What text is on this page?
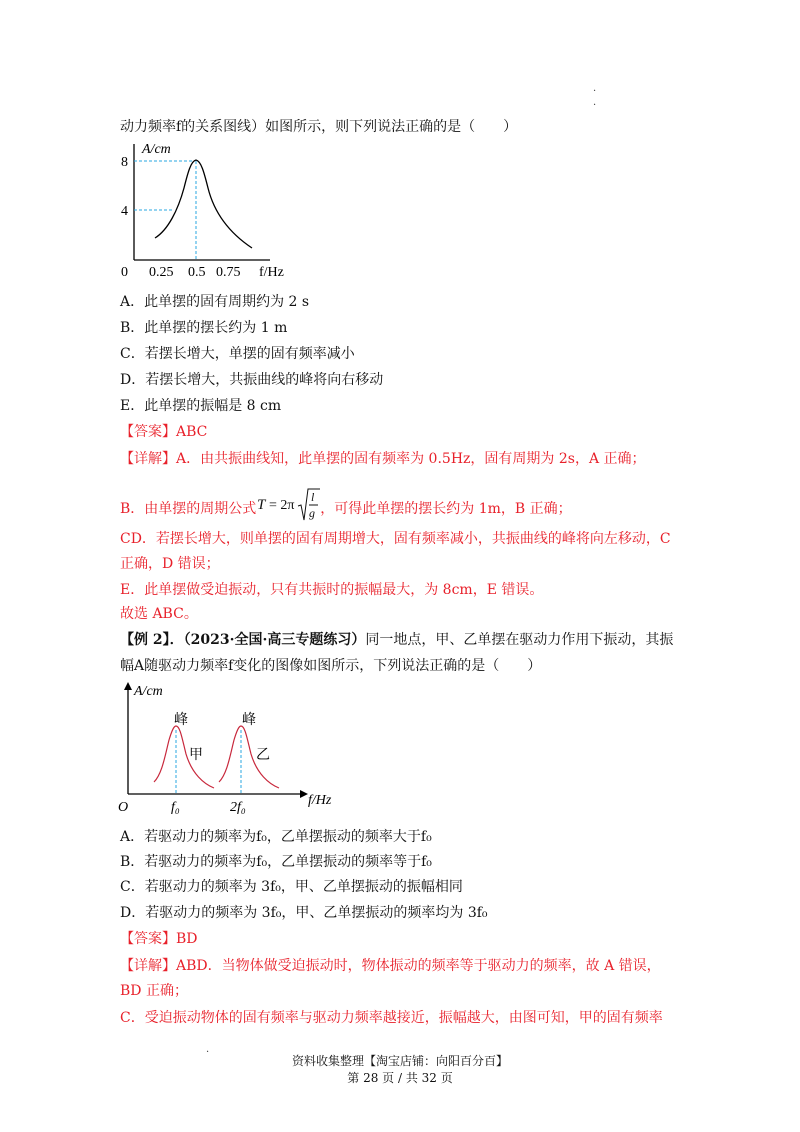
·
·
动力频率f的关系图线）如图所示，则下列说法正确的是（　　）
A/cm
8
4
0 0.25 0.5 0.75 f/Hz
A．此单摆的固有周期约为 2 s
B．此单摆的摆长约为 1 m
C．若摆长增大，单摆的固有频率减小
D．若摆长增大，共振曲线的峰将向右移动
E．此单摆的振幅是 8 cm
【答案】ABC
【详解】A．由共振曲线知，此单摆的固有频率为 0.5Hz，固有周期为 2s，A 正确；
B．由单摆的周期公式 T = 2π
l
g ，可得此单摆的摆长约为 1m，B 正确；
CD．若摆长增大，则单摆的固有周期增大，固有频率减小，共振曲线的峰将向左移动，C
正确，D 错误；
E．此单摆做受迫振动，只有共振时的振幅最大，为 8cm，E 错误。
故选 ABC。
【例 2】．（2023·全国·高三专题练习）同一地点，甲、乙单摆在驱动力作用下振动，其振
幅A随驱动力频率f变化的图像如图所示，下列说法正确的是（　　）
A/cm
峰	峰
甲	乙
O	f₀	2f₀	f/Hz
A．若驱动力的频率为f₀，乙单摆振动的频率大于f₀
B．若驱动力的频率为f₀，乙单摆振动的频率等于f₀
C．若驱动力的频率为 3f₀，甲、乙单摆振动的振幅相同
D．若驱动力的频率为 3f₀，甲、乙单摆振动的频率均为 3f₀
【答案】BD
【详解】ABD．当物体做受迫振动时，物体振动的频率等于驱动力的频率，故 A 错误，
BD 正确；
C．受迫振动物体的固有频率与驱动力频率越接近，振幅越大，由图可知，甲的固有频率
·
资料收集整理【淘宝店铺：向阳百分百】
第 28 页 / 共 32 页
